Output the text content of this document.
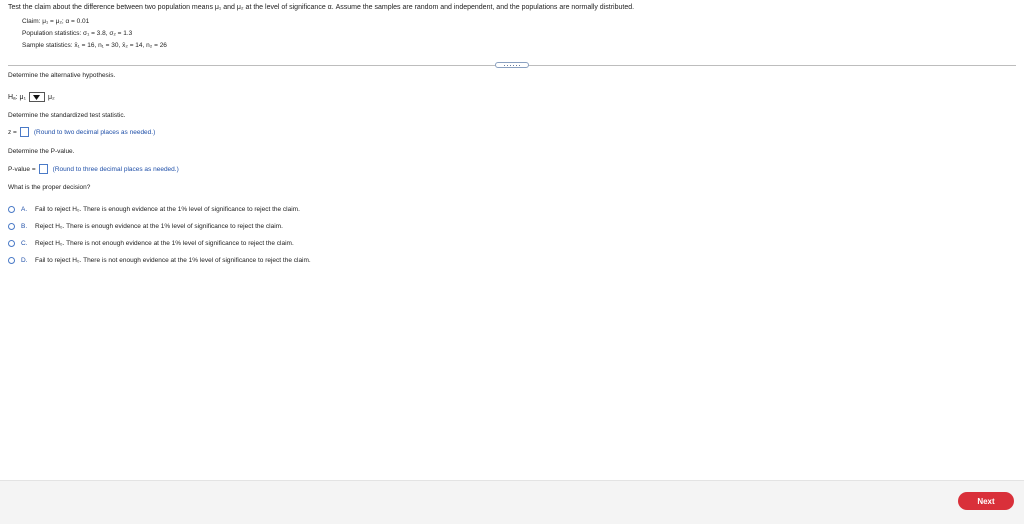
Test the claim about the difference between two population means μ₁ and μ₂ at the level of significance α. Assume the samples are random and independent, and the populations are normally distributed.
Claim: μ₁ = μ₂; α = 0.01
Population statistics: σ₁ = 3.8, σ₂ = 1.3
Sample statistics: x̄₁ = 16, n₁ = 30, x̄₂ = 14, n₂ = 26
Determine the alternative hypothesis.
Hₐ: μ₁	μ₂
Determine the standardized test statistic.
z =	(Round to two decimal places as needed.)
Determine the P-value.
P-value =	(Round to three decimal places as needed.)
What is the proper decision?
A. Fail to reject H₀. There is enough evidence at the 1% level of significance to reject the claim.
B. Reject H₀. There is enough evidence at the 1% level of significance to reject the claim.
C. Reject H₀. There is not enough evidence at the 1% level of significance to reject the claim.
D. Fail to reject H₀. There is not enough evidence at the 1% level of significance to reject the claim.
Next
